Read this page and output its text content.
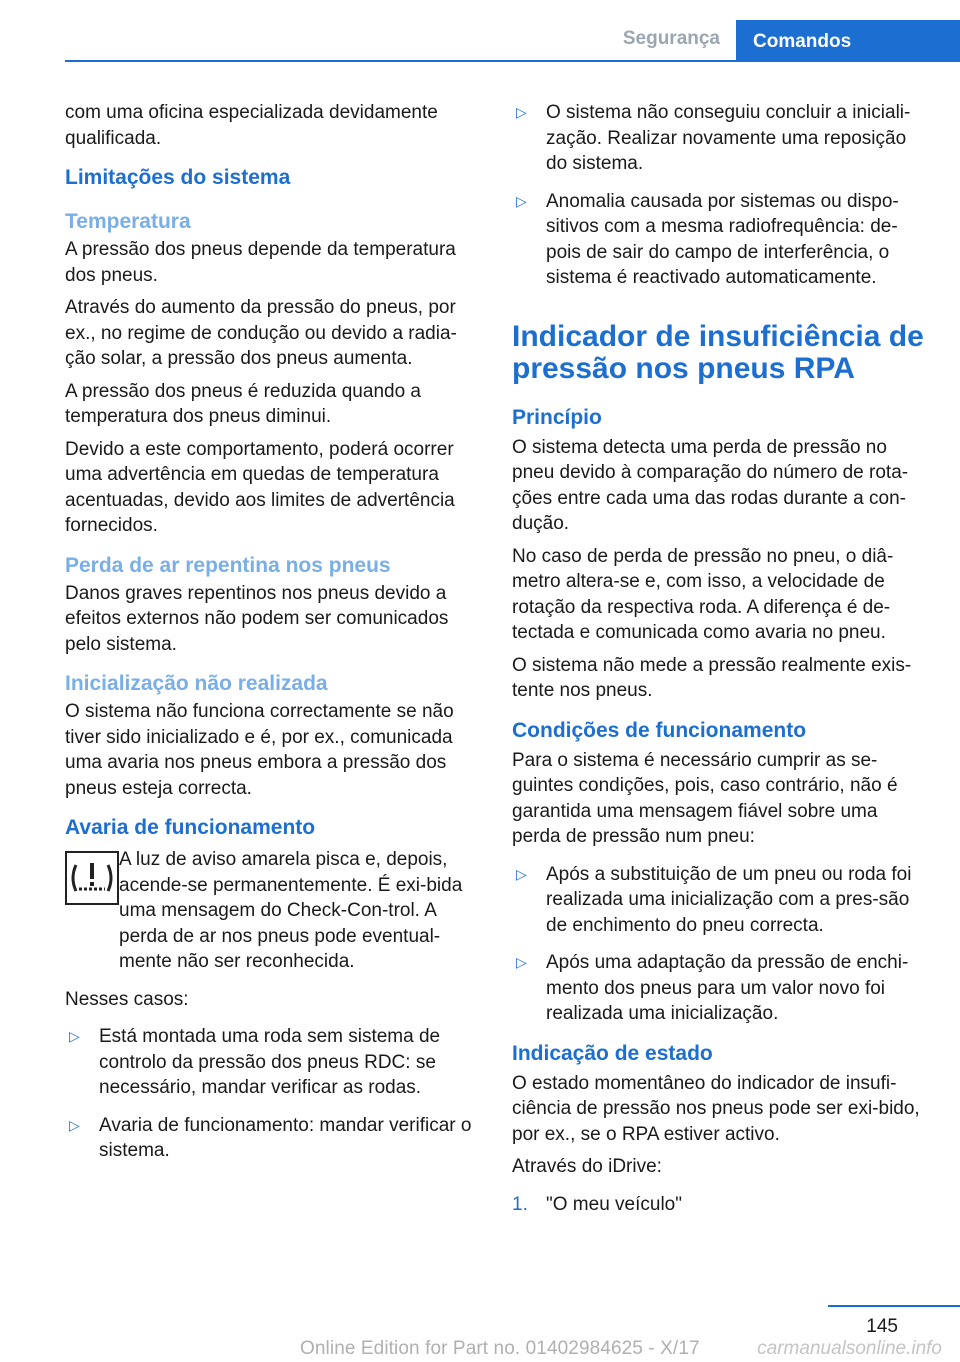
Segurança Comandos

com uma oficina especializada devidamente qualificada.

Limitações do sistema
Temperatura

A pressão dos pneus depende da temperatura dos pneus.

Através do aumento da pressão do pneus, por ex., no regime de condução ou devido a radia-ção solar, a pressão dos pneus aumenta.

A pressão dos pneus é reduzida quando a temperatura dos pneus diminui.

Devido a este comportamento, poderá ocorrer uma advertência em quedas de temperatura acentuadas, devido aos limites de advertência fornecidos.

Perda de ar repentina nos pneus

Danos graves repentinos nos pneus devido a efeitos externos não podem ser comunicados pelo sistema.

Inicialização não realizada

O sistema não funciona correctamente se não tiver sido inicializado e é, por ex., comunicada uma avaria nos pneus embora a pressão dos pneus esteja correcta.

Avaria de funcionamento

A luz de aviso amarela pisca e, depois, acende-se permanentemente. É exi-bida uma mensagem do Check-Con-trol. A perda de ar nos pneus pode eventual-mente não ser reconhecida.

Nesses casos:

▷ Está montada uma roda sem sistema de controlo da pressão dos pneus RDC: se necessário, mandar verificar as rodas.
▷ Avaria de funcionamento: mandar verificar o sistema.
▷ O sistema não conseguiu concluir a iniciali-zação. Realizar novamente uma reposição do sistema.
▷ Anomalia causada por sistemas ou dispo-sitivos com a mesma radiofrequência: de-pois de sair do campo de interferência, o sistema é reactivado automaticamente.
Indicador de insuficiência de pressão nos pneus RPA
Princípio

O sistema detecta uma perda de pressão no pneu devido à comparação do número de rota-ções entre cada uma das rodas durante a con-dução.

No caso de perda de pressão no pneu, o diâ-metro altera-se e, com isso, a velocidade de rotação da respectiva roda. A diferença é de-tectada e comunicada como avaria no pneu.

O sistema não mede a pressão realmente exis-tente nos pneus.

Condições de funcionamento

Para o sistema é necessário cumprir as se-guintes condições, pois, caso contrário, não é garantida uma mensagem fiável sobre uma perda de pressão num pneu:

▷ Após a substituição de um pneu ou roda foi realizada uma inicialização com a pres-são de enchimento do pneu correcta.
▷ Após uma adaptação da pressão de enchi-mento dos pneus para um valor novo foi realizada uma inicialização.
Indicação de estado

O estado momentâneo do indicador de insufi-ciência de pressão nos pneus pode ser exi-bido, por ex., se o RPA estiver activo.

Através do iDrive:

1. "O meu veículo"
145
Online Edition for Part no. 01402984625 - X/17	carmanualsonline.info
